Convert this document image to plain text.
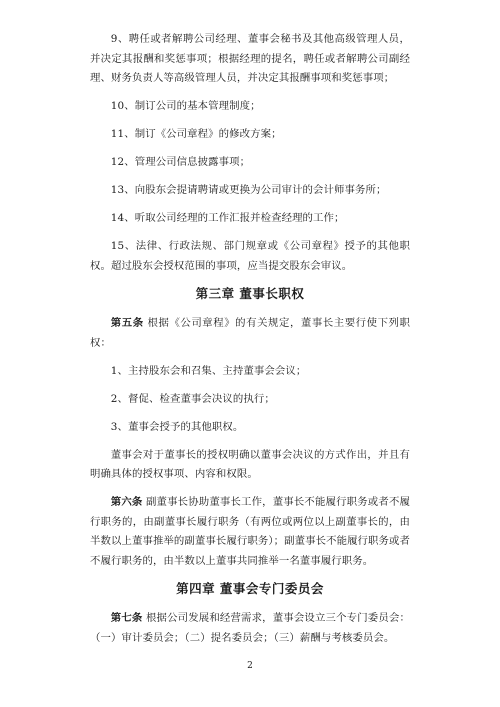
9、聘任或者解聘公司经理、董事会秘书及其他高级管理人员，并决定其报酬和奖惩事项；根据经理的提名，聘任或者解聘公司副经理、财务负责人等高级管理人员，并决定其报酬事项和奖惩事项；

10、制订公司的基本管理制度；

11、制订《公司章程》的修改方案；

12、管理公司信息披露事项；

13、向股东会提请聘请或更换为公司审计的会计师事务所；

14、听取公司经理的工作汇报并检查经理的工作；

15、法律、行政法规、部门规章或《公司章程》授予的其他职权。超过股东会授权范围的事项，应当提交股东会审议。

第三章 董事长职权

第五条 根据《公司章程》的有关规定，董事长主要行使下列职权：

1、主持股东会和召集、主持董事会会议；

2、督促、检查董事会决议的执行；

3、董事会授予的其他职权。

董事会对于董事长的授权明确以董事会决议的方式作出，并且有明确具体的授权事项、内容和权限。

第六条 副董事长协助董事长工作，董事长不能履行职务或者不履行职务的，由副董事长履行职务（有两位或两位以上副董事长的，由半数以上董事推举的副董事长履行职务）；副董事长不能履行职务或者不履行职务的，由半数以上董事共同推举一名董事履行职务。

第四章 董事会专门委员会

第七条 根据公司发展和经营需求，董事会设立三个专门委员会：（一）审计委员会；（二）提名委员会；（三）薪酬与考核委员会。

2
